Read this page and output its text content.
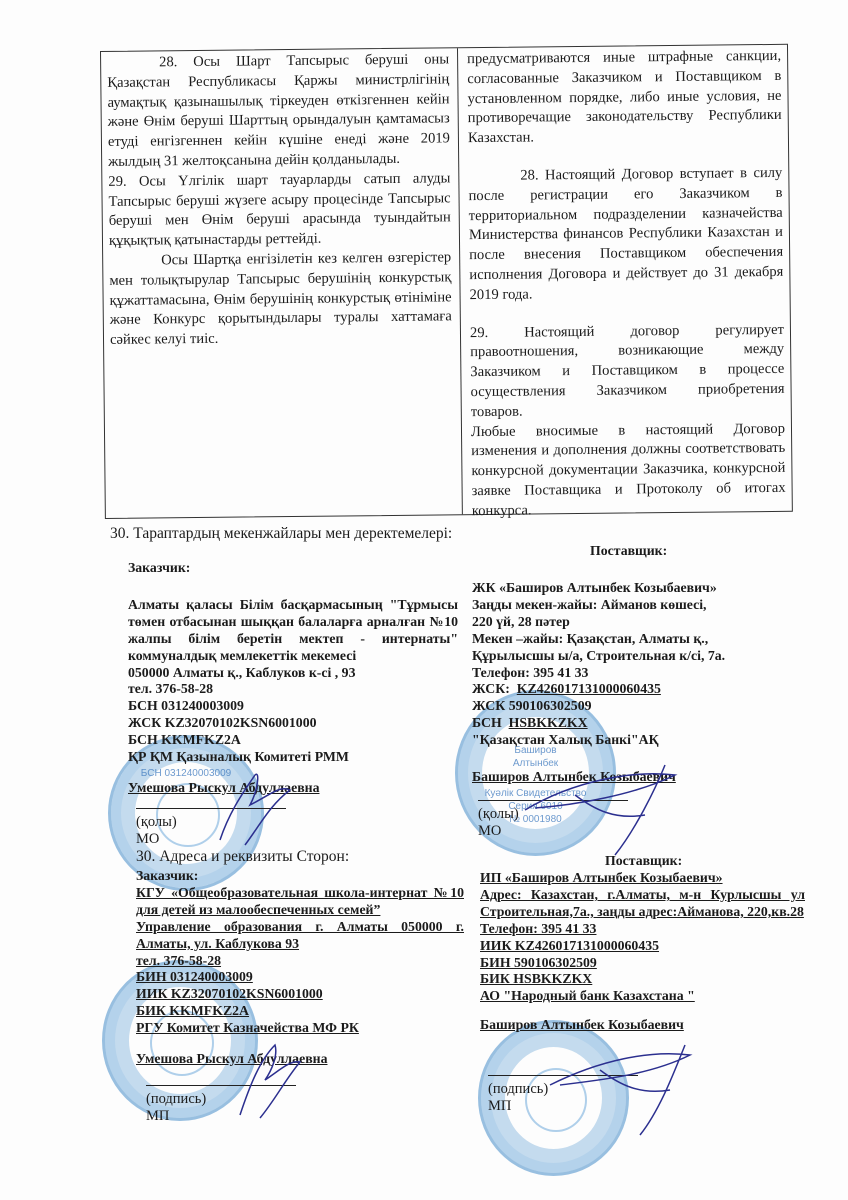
28. Осы Шарт Тапсырыс беруші оны Қазақстан Республикасы Қаржы министрлігінің аумақтық қазынашылық тіркеуден өткізгеннен кейін және Өнім беруші Шарттың орындалуын қамтамасыз етуді енгізгеннен кейін күшіне енеді және 2019 жылдың 31 желтоқсанына дейін қолданылады.

29. Осы Үлгілік шарт тауарларды сатып алуды Тапсырыс беруші жүзеге асыру процесінде Тапсырыс беруші мен Өнім беруші арасында туындайтын құқықтық қатынастарды реттейді.

Осы Шартқа енгізілетін кез келген өзгерістер мен толықтырулар Тапсырыс берушінің конкурстық құжаттамасына, Өнім берушінің конкурстық өтініміне және Конкурс қорытындылары туралы хаттамаға сәйкес келуі тиіс.

предусматриваются иные штрафные санкции, согласованные Заказчиком и Поставщиком в установленном порядке, либо иные условия, не противоречащие законодательству Республики Казахстан.

28. Настоящий Договор вступает в силу после регистрации его Заказчиком в территориальном подразделении казначейства Министерства финансов Республики Казахстан и после внесения Поставщиком обеспечения исполнения Договора и действует до 31 декабря 2019 года.

29. Настоящий договор регулирует правоотношения, возникающие между Заказчиком и Поставщиком в процессе осуществления Заказчиком приобретения товаров.

Любые вносимые в настоящий Договор изменения и дополнения должны соответствовать конкурсной документации Заказчика, конкурсной заявке Поставщика и Протоколу об итогах конкурса.

30. Тараптардың мекенжайлары мен деректемелері:
БСН 031240003009
Баширов
Алтынбек
Куәлік Свидетельство
Серия 6010
№ 0001980
Заказчик:
Алматы қаласы Білім басқармасының "Тұрмысы төмен отбасынан шыққан балаларға арналған №10 жалпы білім беретін мектеп - интернаты" коммуналдық мемлекеттік мекемесі
050000 Алматы қ., Каблуков к-сі , 93
тел. 376-58-28
БСН 031240003009
ЖСК KZ32070102KSN6001000
БСН KKMFKZ2A
ҚР ҚМ Қазыналық Комитеті РММ
Умешова Рыскул Абдуллаевна
(қолы)
МО
Поставщик:
ЖК «Баширов Алтынбек Козыбаевич»
Заңды мекен-жайы: Айманов көшесі,
220 үй, 28 пәтер
Мекен –жайы: Қазақстан, Алматы қ.,
Құрылысшы ы/а, Строительная к/сі, 7а.
Телефон: 395 41 33
ЖСК: KZ426017131000060435
ЖСК 590106302509
БСН HSBKKZKX
"Қазақстан Халық Банкі"АҚ
Баширов Алтынбек Козыбаевич
(қолы)
МО
30. Адреса и реквизиты Сторон:
Заказчик:
КГУ «Общеобразовательная школа-интернат №10 для детей из малообеспеченных семей”
Управление образования г. Алматы 050000 г. Алматы, ул. Каблукова 93
тел. 376-58-28
БИН 031240003009
ИИК KZ32070102KSN6001000
БИК KKMFKZ2A
РГУ Комитет Казначейства МФ РК
Умешова Рыскул Абдуллаевна
(подпись)
МП
Поставщик:
ИП «Баширов Алтынбек Козыбаевич»
Адрес: Казахстан, г.Алматы, м-н Курлысшы ул Строительная,7а., заңды адрес:Айманова, 220,кв.28
Телефон: 395 41 33
ИИК KZ426017131000060435
БИН 590106302509
БИК HSBKKZKX
АО "Народный банк Казахстана "
Баширов Алтынбек Козыбаевич
(подпись)
МП
